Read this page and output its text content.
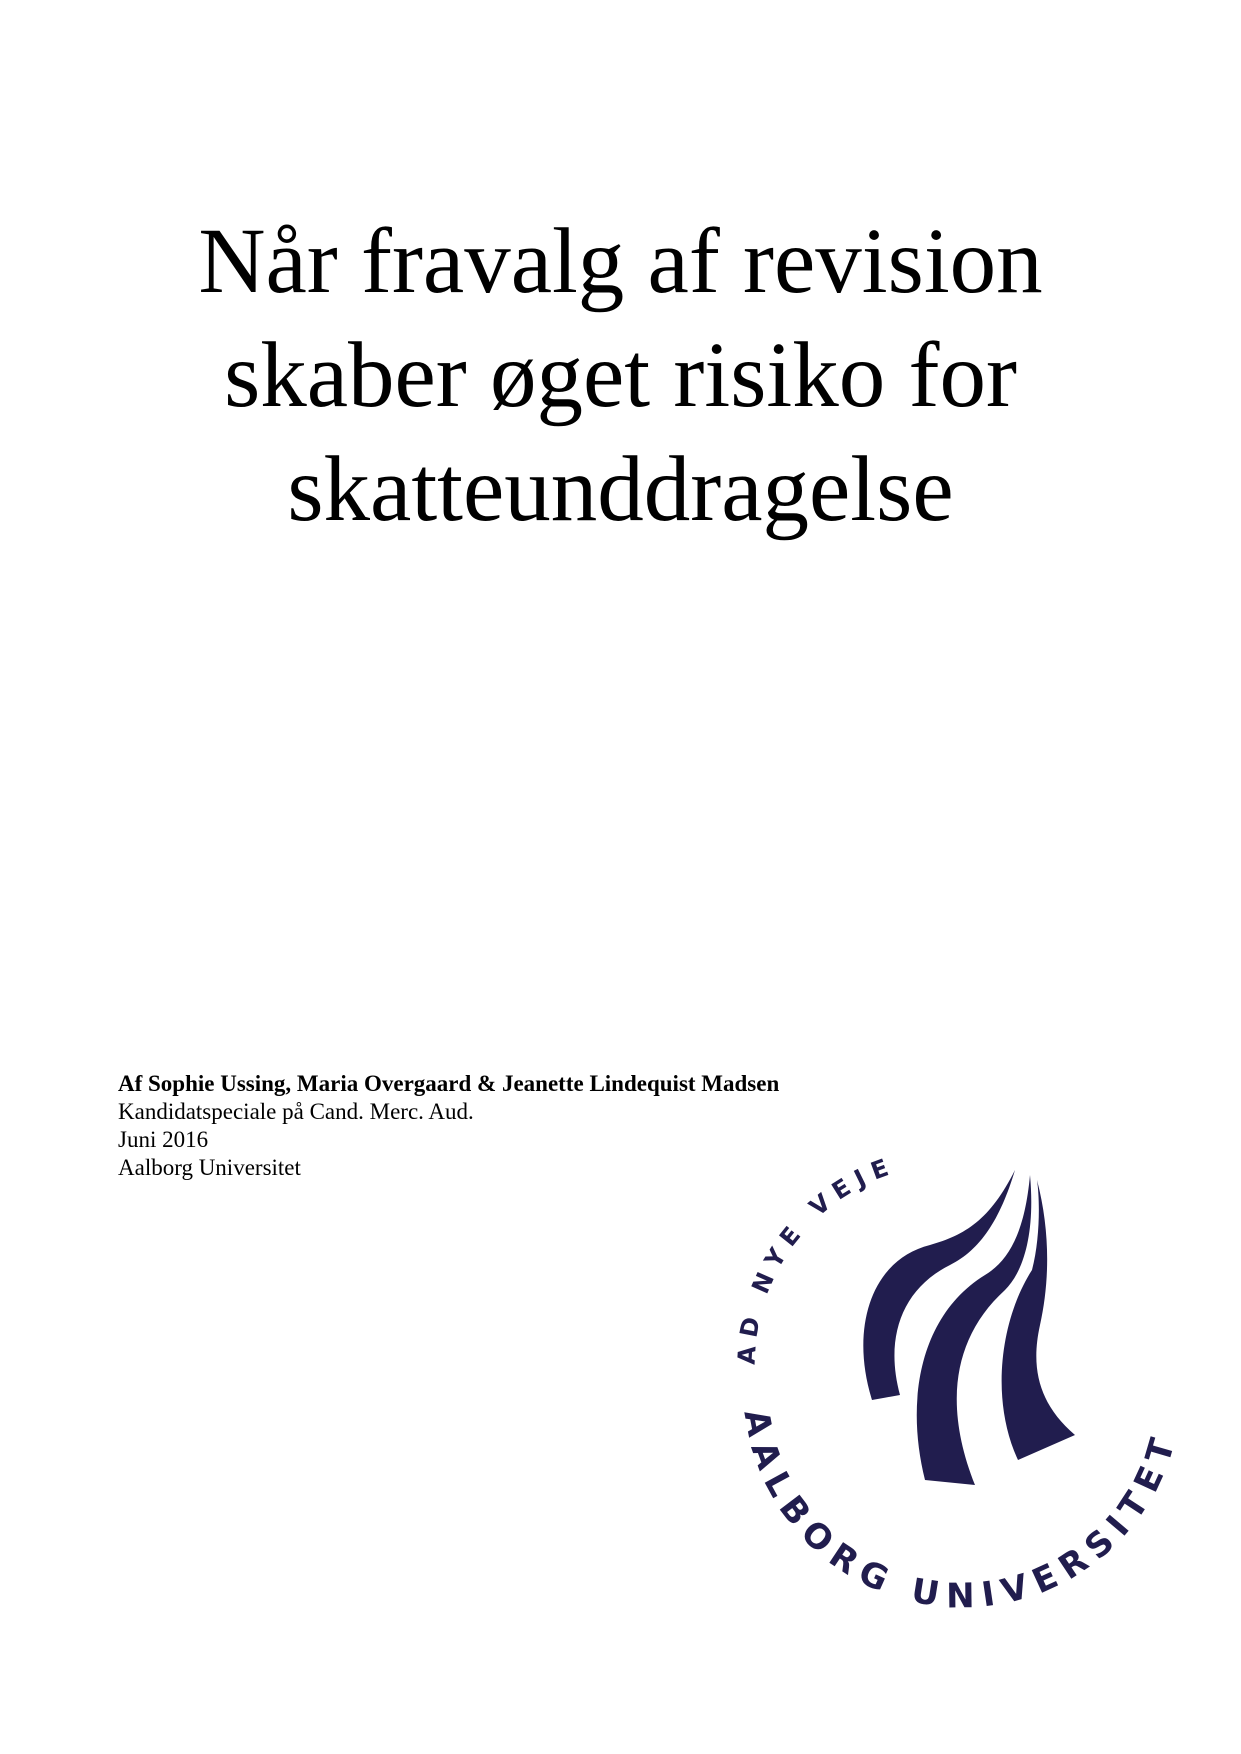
Når fravalg af revision
skaber øget risiko for
skatteunddragelse
Af Sophie Ussing, Maria Overgaard & Jeanette Lindequist Madsen
Kandidatspeciale på Cand. Merc. Aud.
Juni 2016
Aalborg Universitet
AD NYE VEJE
AALBORG UNIVERSITET
